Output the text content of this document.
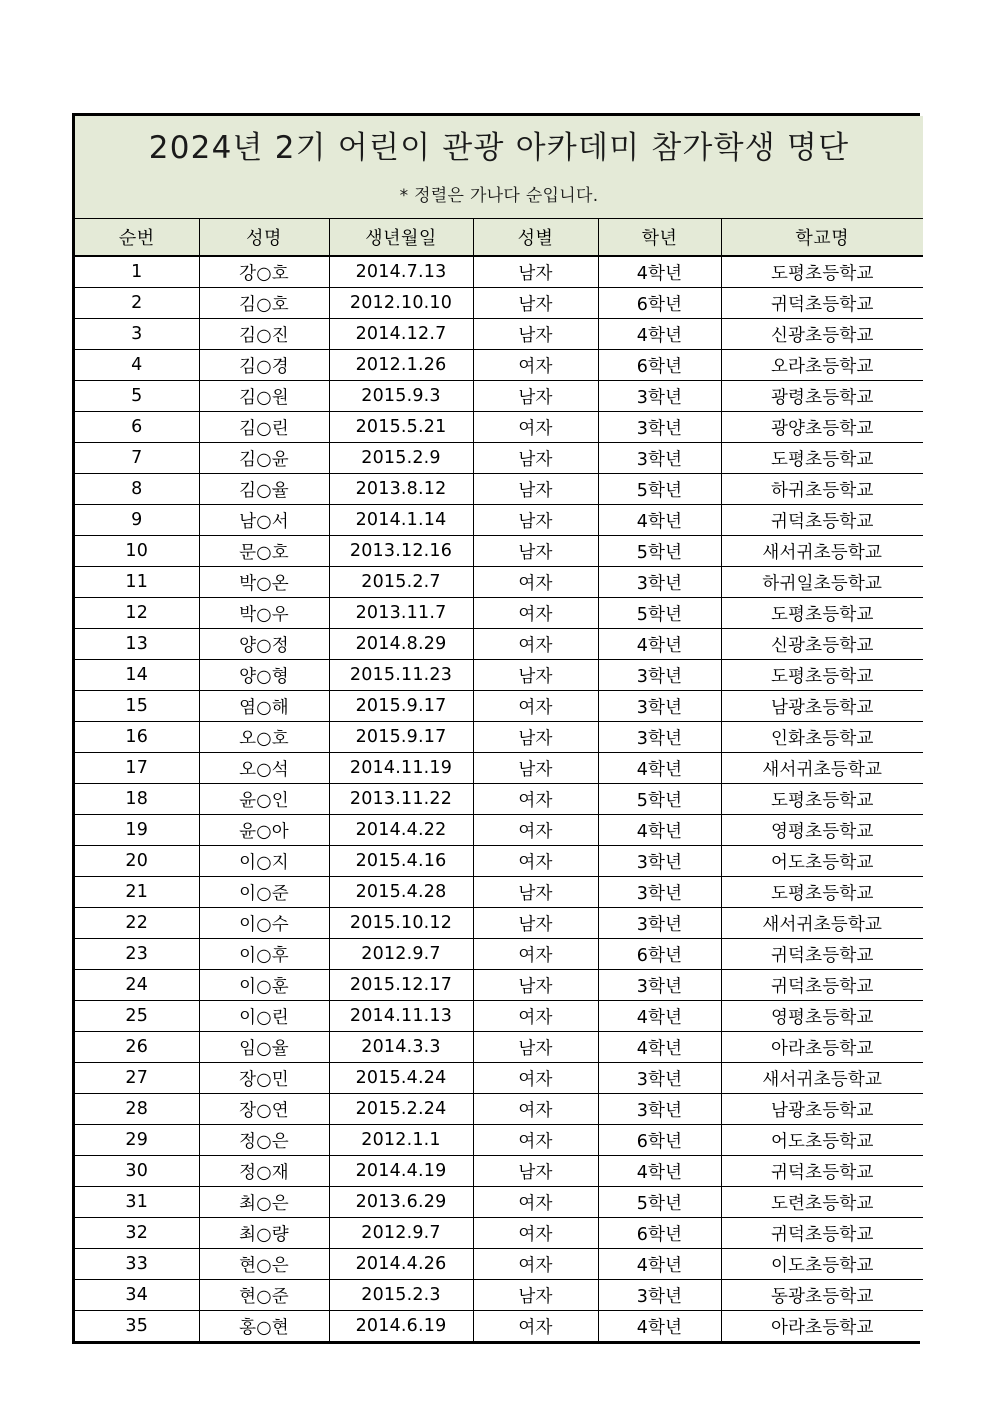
2024년 2기 어린이 관광 아카데미 참가학생 명단
* 정렬은 가나다 순입니다.					

순번	성명	생년월일	성별	학년	학교명
1	강○호	2014.7.13	남자	4학년	도평초등학교
2	김○호	2012.10.10	남자	6학년	귀덕초등학교
3	김○진	2014.12.7	남자	4학년	신광초등학교
4	김○경	2012.1.26	여자	6학년	오라초등학교
5	김○원	2015.9.3	남자	3학년	광령초등학교
6	김○린	2015.5.21	여자	3학년	광양초등학교
7	김○윤	2015.2.9	남자	3학년	도평초등학교
8	김○율	2013.8.12	남자	5학년	하귀초등학교
9	남○서	2014.1.14	남자	4학년	귀덕초등학교
10	문○호	2013.12.16	남자	5학년	새서귀초등학교
11	박○온	2015.2.7	여자	3학년	하귀일초등학교
12	박○우	2013.11.7	여자	5학년	도평초등학교
13	양○정	2014.8.29	여자	4학년	신광초등학교
14	양○형	2015.11.23	남자	3학년	도평초등학교
15	염○해	2015.9.17	여자	3학년	남광초등학교
16	오○호	2015.9.17	남자	3학년	인화초등학교
17	오○석	2014.11.19	남자	4학년	새서귀초등학교
18	윤○인	2013.11.22	여자	5학년	도평초등학교
19	윤○아	2014.4.22	여자	4학년	영평초등학교
20	이○지	2015.4.16	여자	3학년	어도초등학교
21	이○준	2015.4.28	남자	3학년	도평초등학교
22	이○수	2015.10.12	남자	3학년	새서귀초등학교
23	이○후	2012.9.7	여자	6학년	귀덕초등학교
24	이○훈	2015.12.17	남자	3학년	귀덕초등학교
25	이○린	2014.11.13	여자	4학년	영평초등학교
26	임○율	2014.3.3	남자	4학년	아라초등학교
27	장○민	2015.4.24	여자	3학년	새서귀초등학교
28	장○연	2015.2.24	여자	3학년	남광초등학교
29	정○은	2012.1.1	여자	6학년	어도초등학교
30	정○재	2014.4.19	남자	4학년	귀덕초등학교
31	최○은	2013.6.29	여자	5학년	도련초등학교
32	최○량	2012.9.7	여자	6학년	귀덕초등학교
33	현○은	2014.4.26	여자	4학년	이도초등학교
34	현○준	2015.2.3	남자	3학년	동광초등학교
35	홍○현	2014.6.19	여자	4학년	아라초등학교
